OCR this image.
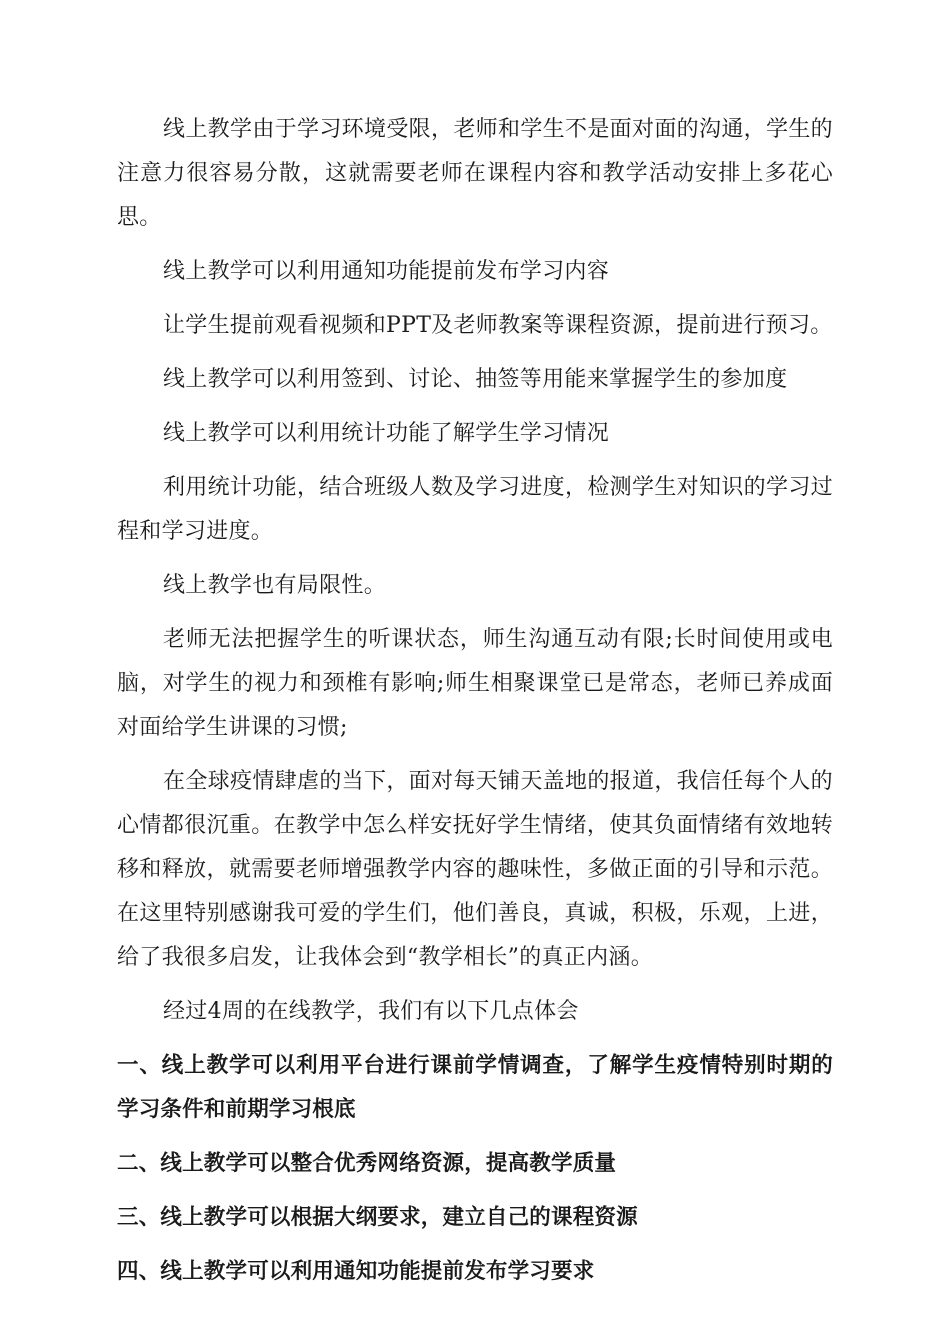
线上教学由于学习环境受限，老师和学生不是面对面的沟通，学生的注意力很容易分散，这就需要老师在课程内容和教学活动安排上多花心思。

线上教学可以利用通知功能提前发布学习内容

让学生提前观看视频和PPT及老师教案等课程资源，提前进行预习。

线上教学可以利用签到、讨论、抽签等用能来掌握学生的参加度

线上教学可以利用统计功能了解学生学习情况

利用统计功能，结合班级人数及学习进度，检测学生对知识的学习过程和学习进度。

线上教学也有局限性。

老师无法把握学生的听课状态，师生沟通互动有限;长时间使用或电脑，对学生的视力和颈椎有影响;师生相聚课堂已是常态，老师已养成面对面给学生讲课的习惯;

在全球疫情肆虐的当下，面对每天铺天盖地的报道，我信任每个人的心情都很沉重。在教学中怎么样安抚好学生情绪，使其负面情绪有效地转移和释放，就需要老师增强教学内容的趣味性，多做正面的引导和示范。在这里特别感谢我可爱的学生们，他们善良，真诚，积极，乐观，上进，给了我很多启发，让我体会到“教学相长”的真正内涵。

经过4周的在线教学，我们有以下几点体会

一、线上教学可以利用平台进行课前学情调查，了解学生疫情特别时期的学习条件和前期学习根底

二、线上教学可以整合优秀网络资源，提高教学质量

三、线上教学可以根据大纲要求，建立自己的课程资源

四、线上教学可以利用通知功能提前发布学习要求
